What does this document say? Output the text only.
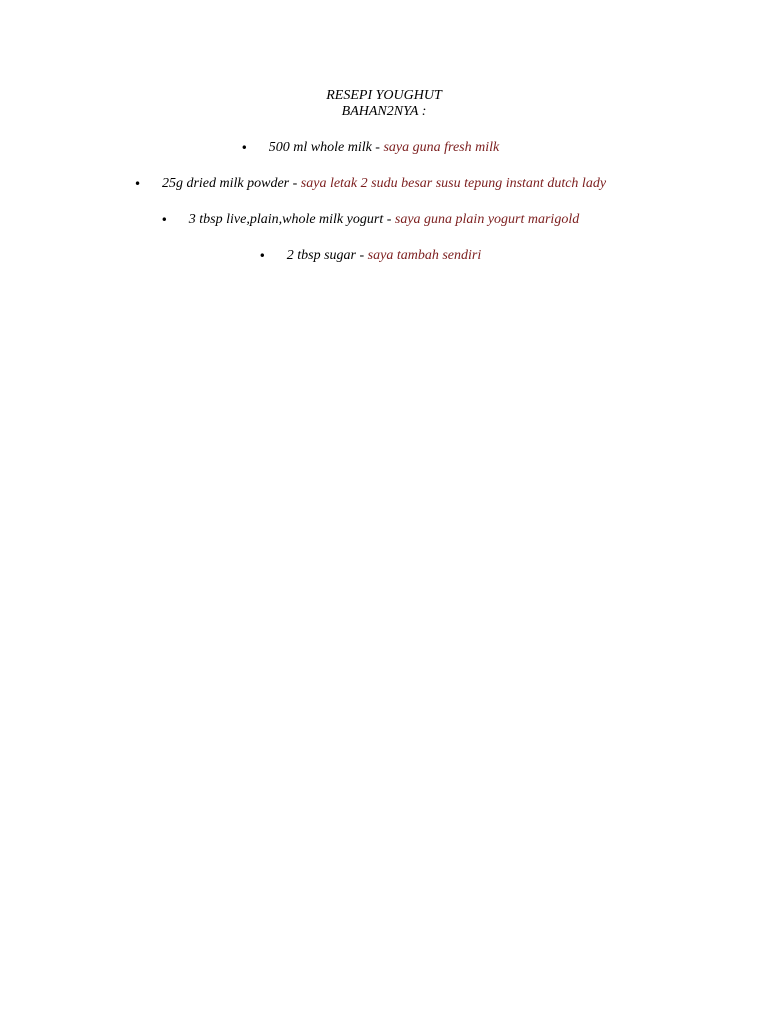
RESEPI YOUGHUT
BAHAN2NYA :
• 500 ml whole milk - saya guna fresh milk
• 25g dried milk powder - saya letak 2 sudu besar susu tepung instant dutch lady
• 3 tbsp live,plain,whole milk yogurt - saya guna plain yogurt marigold
• 2 tbsp sugar - saya tambah sendiri
